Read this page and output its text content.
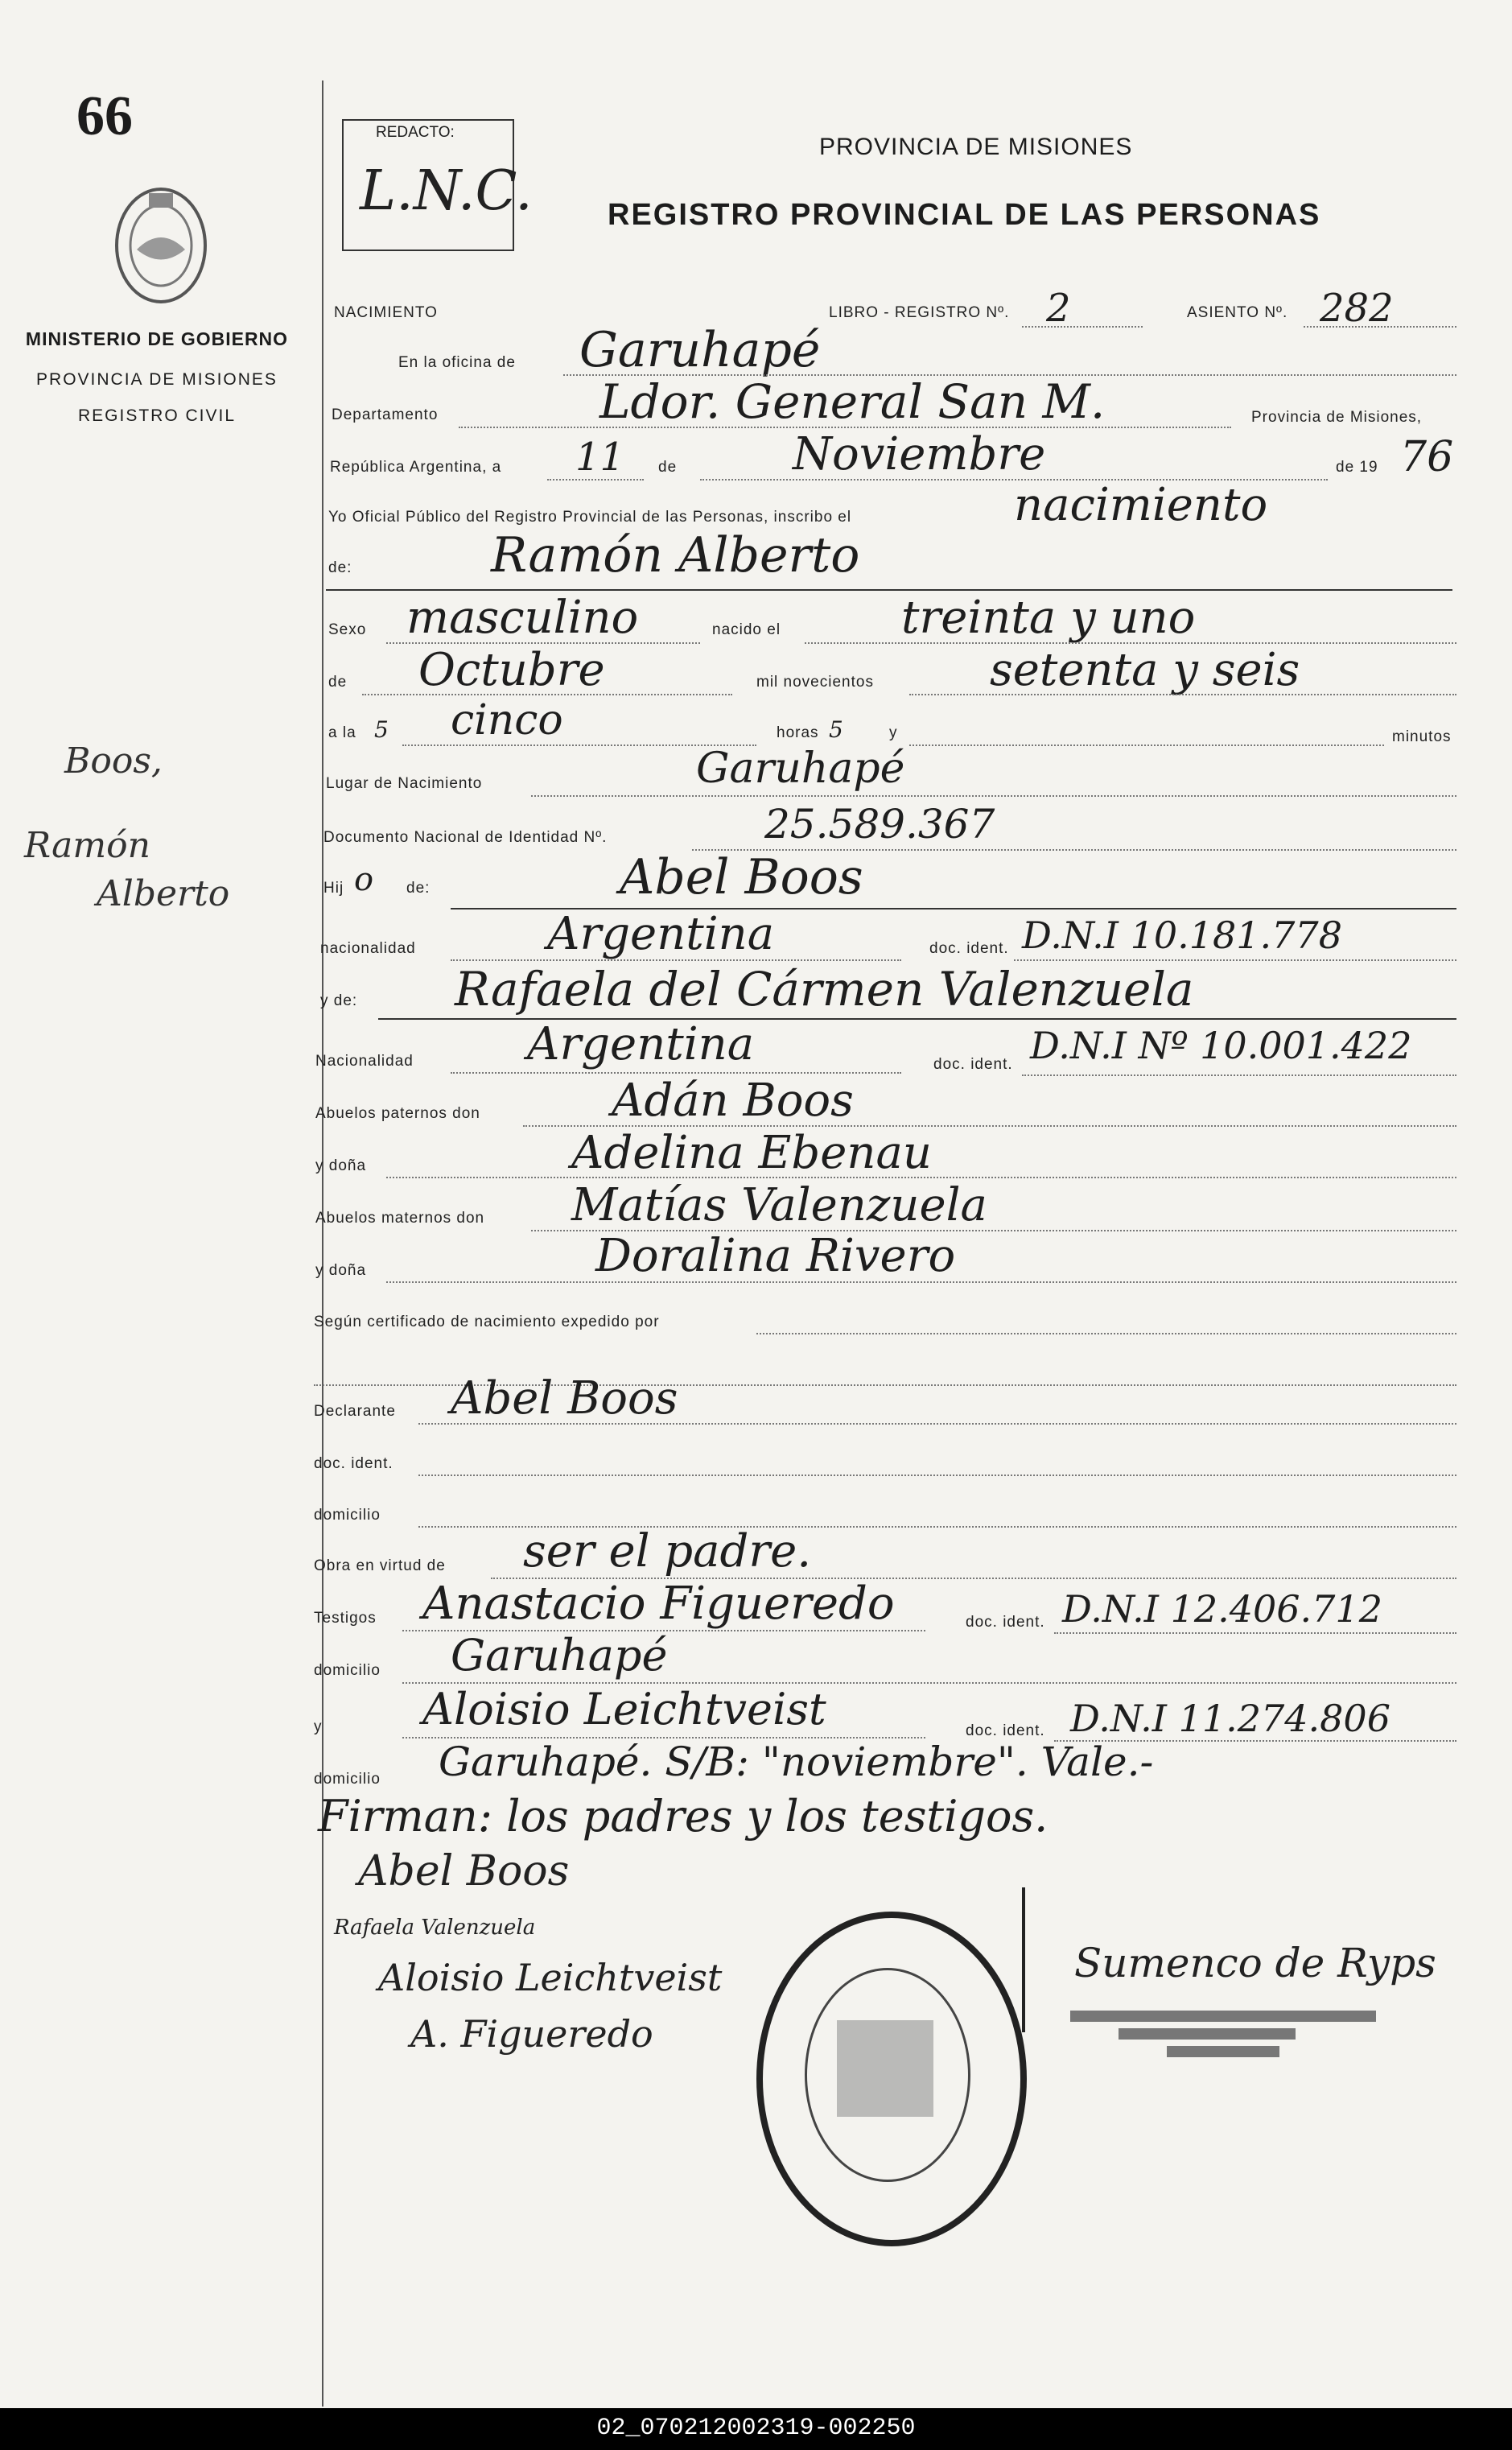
66
MINISTERIO DE GOBIERNO
PROVINCIA DE MISIONES
REGISTRO CIVIL
Boos,
Ramón
Alberto
REDACTO:
L.N.C.
PROVINCIA DE MISIONES
REGISTRO PROVINCIAL DE LAS PERSONAS
NACIMIENTO	LIBRO - REGISTRO Nº. 2	ASIENTO Nº. 282
En la oficina de Garuhapé
Departamento	Ldor. General San M.	Provincia de Misiones,
República Argentina, a 11 de	Noviembre	de 19 76
Yo Oficial Público del Registro Provincial de las Personas, inscribo el	nacimiento
de:	Ramón Alberto
Sexo masculino	nacido el	treinta y uno
de Octubre	mil novecientos	setenta y seis
a la 5 cinco	horas 5	y	minutos
Lugar de Nacimiento	Garuhapé
Documento Nacional de Identidad Nº.	25.589.367
Hij o de:	Abel Boos
nacionalidad	Argentina	doc. ident. D.N.I 10.181.778
y de: Rafaela del Cármen Valenzuela
Nacionalidad	Argentina	doc. ident. D.N.I Nº 10.001.422
Abuelos paternos don	Adán Boos
y doña	Adelina Ebenau
Abuelos maternos don Matías Valenzuela
y doña	Doralina Rivero
Según certificado de nacimiento expedido por
Declarante Abel Boos
doc. ident.
domicilio
Obra en virtud de ser el padre.
Testigos Anastacio Figueredo	doc. ident. D.N.I 12.406.712
domicilio Garuhapé
y Aloisio Leichtveist	doc. ident. D.N.I 11.274.806
domicilio Garuhapé. S/B: "noviembre". Vale.-
Firman: los padres y los testigos.
Abel Boos
Rafaela Valenzuela
Aloisio Leichtveist
A. Figueredo
Sumenco de Ryps
02_070212002319-002250
